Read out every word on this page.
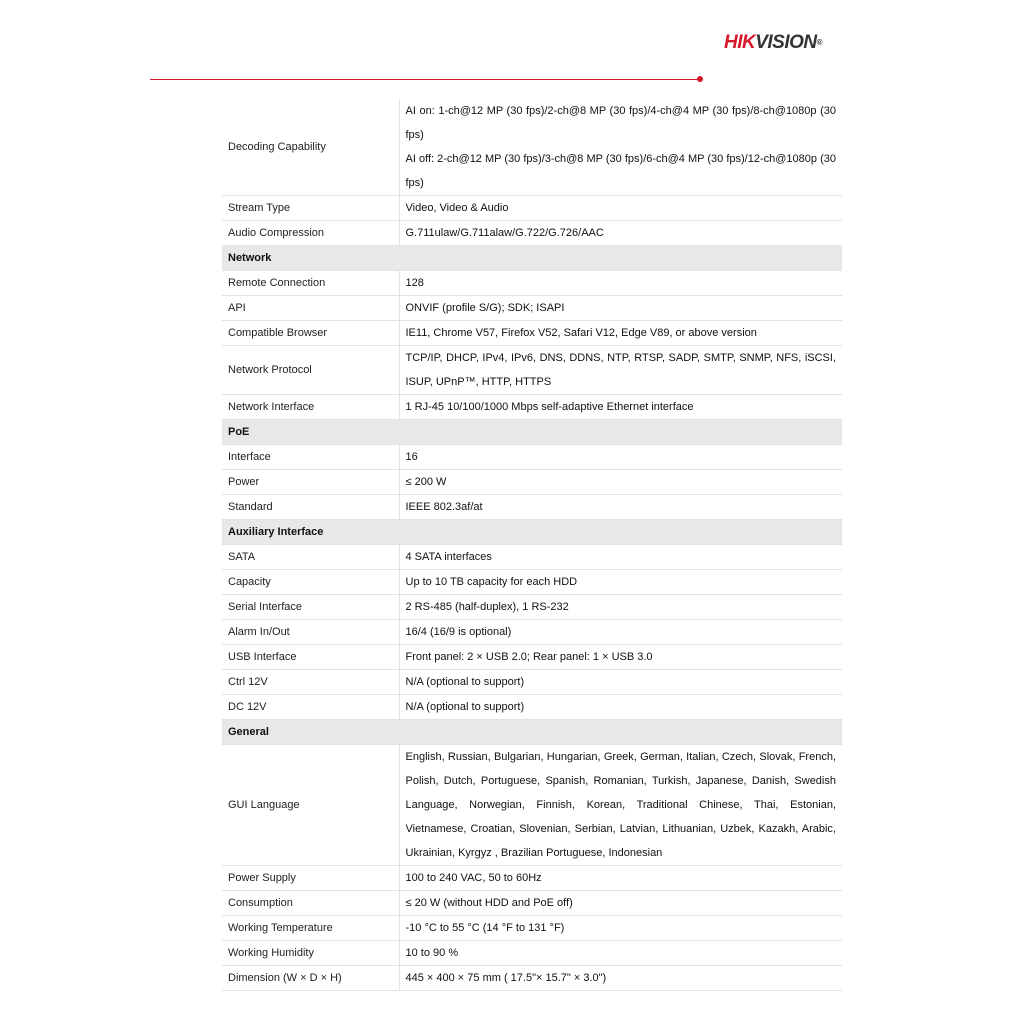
HIKVISION®
Decoding Capability	AI on: 1-ch@12 MP (30 fps)/2-ch@8 MP (30 fps)/4-ch@4 MP (30 fps)/8-ch@1080p (30 fps)
AI off: 2-ch@12 MP (30 fps)/3-ch@8 MP (30 fps)/6-ch@4 MP (30 fps)/12-ch@1080p (30 fps)

Stream Type	Video, Video & Audio

Audio Compression	G.711ulaw/G.711alaw/G.722/G.726/AAC

Network	
Remote Connection	128

API	ONVIF (profile S/G); SDK; ISAPI

Compatible Browser	IE11, Chrome V57, Firefox V52, Safari V12, Edge V89, or above version

Network Protocol	TCP/IP, DHCP, IPv4, IPv6, DNS, DDNS, NTP, RTSP, SADP, SMTP, SNMP, NFS, iSCSI, ISUP, UPnP™, HTTP, HTTPS

Network Interface	1 RJ-45 10/100/1000 Mbps self-adaptive Ethernet interface

PoE	
Interface	16

Power	≤ 200 W

Standard	IEEE 802.3af/at

Auxiliary Interface	
SATA	4 SATA interfaces

Capacity	Up to 10 TB capacity for each HDD

Serial Interface	2 RS-485 (half-duplex), 1 RS-232

Alarm In/Out	16/4 (16/9 is optional)

USB Interface	Front panel: 2 × USB 2.0; Rear panel: 1 × USB 3.0

Ctrl 12V	N/A (optional to support)

DC 12V	N/A (optional to support)

General	
GUI Language	English, Russian, Bulgarian, Hungarian, Greek, German, Italian, Czech, Slovak, French, Polish, Dutch, Portuguese, Spanish, Romanian, Turkish, Japanese, Danish, Swedish Language, Norwegian, Finnish, Korean, Traditional Chinese, Thai, Estonian, Vietnamese, Croatian, Slovenian, Serbian, Latvian, Lithuanian, Uzbek, Kazakh, Arabic, Ukrainian, Kyrgyz , Brazilian Portuguese, Indonesian

Power Supply	100 to 240 VAC, 50 to 60Hz

Consumption	≤ 20 W (without HDD and PoE off)

Working Temperature	-10 °C to 55 °C (14 °F to 131 °F)

Working Humidity	10 to 90 %

Dimension (W × D × H)	445 × 400 × 75 mm ( 17.5"× 15.7" × 3.0")
